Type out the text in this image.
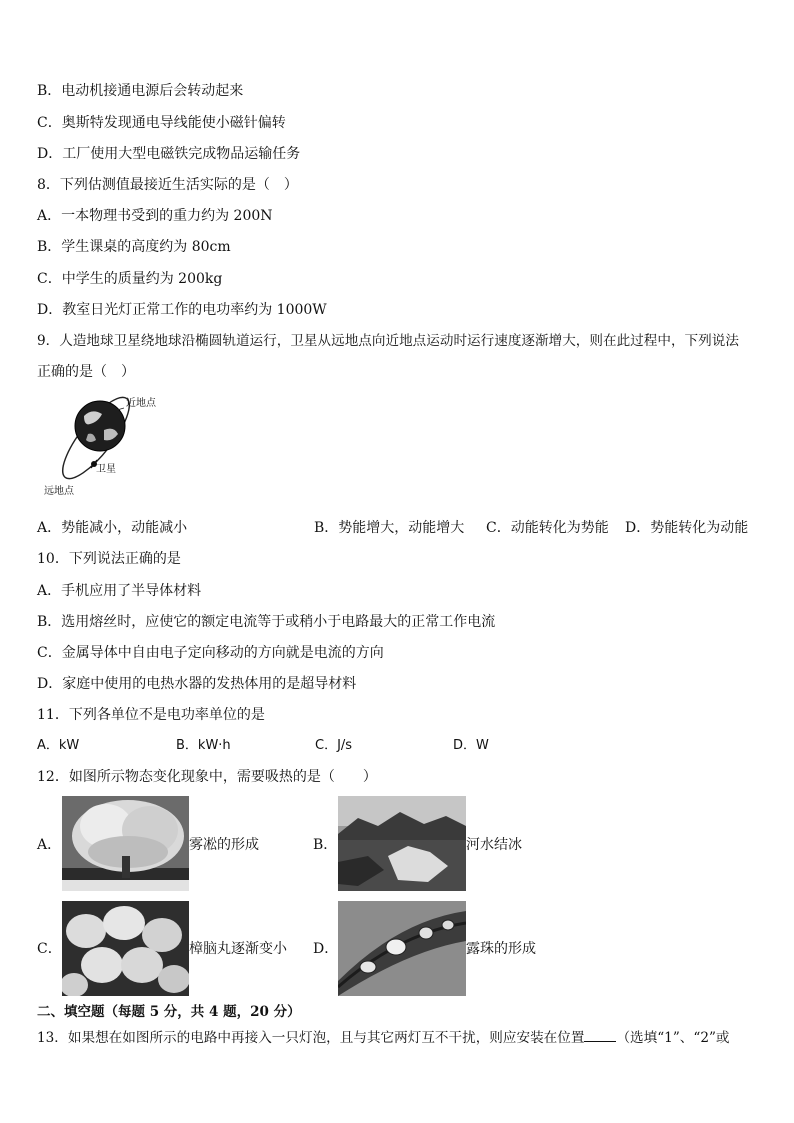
B．电动机接通电源后会转动起来
C．奥斯特发现通电导线能使小磁针偏转
D．工厂使用大型电磁铁完成物品运输任务
8．下列估测值最接近生活实际的是（　）
A．一本物理书受到的重力约为 200N
B．学生课桌的高度约为 80cm
C．中学生的质量约为 200kg
D．教室日光灯正常工作的电功率约为 1000W
9．人造地球卫星绕地球沿椭圆轨道运行，卫星从远地点向近地点运动时运行速度逐渐增大，则在此过程中，下列说法
正确的是（　）
近地点
卫星
远地点
A．势能减小，动能减小	B．势能增大，动能增大 C．动能转化为势能 D．势能转化为动能
10．下列说法正确的是
A．手机应用了半导体材料
B．选用熔丝时，应使它的额定电流等于或稍小于电路最大的正常工作电流
C．金属导体中自由电子定向移动的方向就是电流的方向
D．家庭中使用的电热水器的发热体用的是超导材料
11．下列各单位不是电功率单位的是
A．kW	B．kW·h	C．J/s	D．W
12．如图所示物态变化现象中，需要吸热的是（　　）
A．	雾凇的形成	B．	河水结冰
C．	樟脑丸逐渐变小 D．	露珠的形成
二、填空题（每题 5 分，共 4 题，20 分）
13．如果想在如图所示的电路中再接入一只灯泡，且与其它两灯互不干扰，则应安装在位置 （选填“1”、“2”或
